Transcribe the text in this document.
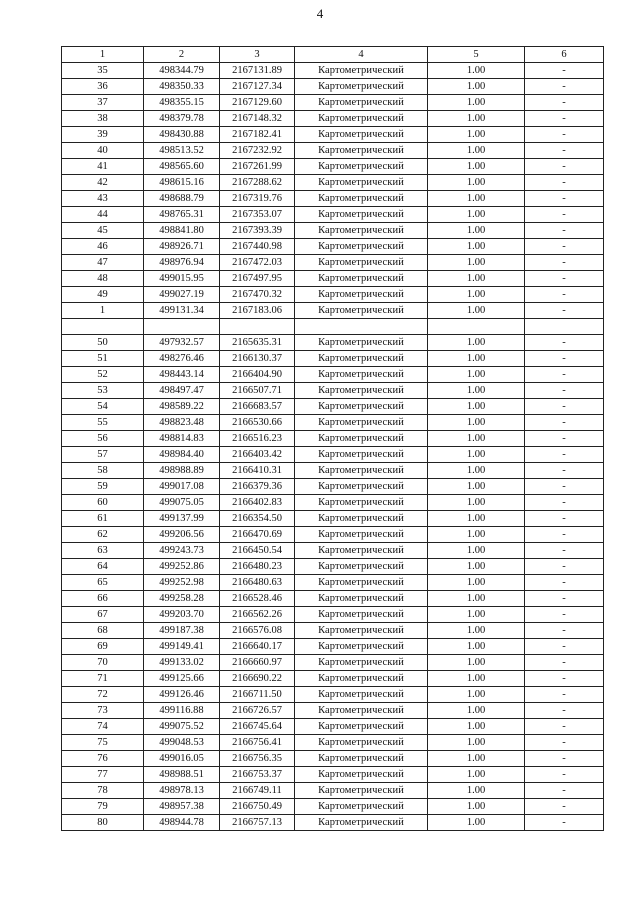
4
1	2	3	4	5	6
35	498344.79	2167131.89	Картометрический	1.00	-
36	498350.33	2167127.34	Картометрический	1.00	-
37	498355.15	2167129.60	Картометрический	1.00	-
38	498379.78	2167148.32	Картометрический	1.00	-
39	498430.88	2167182.41	Картометрический	1.00	-
40	498513.52	2167232.92	Картометрический	1.00	-
41	498565.60	2167261.99	Картометрический	1.00	-
42	498615.16	2167288.62	Картометрический	1.00	-
43	498688.79	2167319.76	Картометрический	1.00	-
44	498765.31	2167353.07	Картометрический	1.00	-
45	498841.80	2167393.39	Картометрический	1.00	-
46	498926.71	2167440.98	Картометрический	1.00	-
47	498976.94	2167472.03	Картометрический	1.00	-
48	499015.95	2167497.95	Картометрический	1.00	-
49	499027.19	2167470.32	Картометрический	1.00	-
1	499131.34	2167183.06	Картометрический	1.00	-

50	497932.57	2165635.31	Картометрический	1.00	-
51	498276.46	2166130.37	Картометрический	1.00	-
52	498443.14	2166404.90	Картометрический	1.00	-
53	498497.47	2166507.71	Картометрический	1.00	-
54	498589.22	2166683.57	Картометрический	1.00	-
55	498823.48	2166530.66	Картометрический	1.00	-
56	498814.83	2166516.23	Картометрический	1.00	-
57	498984.40	2166403.42	Картометрический	1.00	-
58	498988.89	2166410.31	Картометрический	1.00	-
59	499017.08	2166379.36	Картометрический	1.00	-
60	499075.05	2166402.83	Картометрический	1.00	-
61	499137.99	2166354.50	Картометрический	1.00	-
62	499206.56	2166470.69	Картометрический	1.00	-
63	499243.73	2166450.54	Картометрический	1.00	-
64	499252.86	2166480.23	Картометрический	1.00	-
65	499252.98	2166480.63	Картометрический	1.00	-
66	499258.28	2166528.46	Картометрический	1.00	-
67	499203.70	2166562.26	Картометрический	1.00	-
68	499187.38	2166576.08	Картометрический	1.00	-
69	499149.41	2166640.17	Картометрический	1.00	-
70	499133.02	2166660.97	Картометрический	1.00	-
71	499125.66	2166690.22	Картометрический	1.00	-
72	499126.46	2166711.50	Картометрический	1.00	-
73	499116.88	2166726.57	Картометрический	1.00	-
74	499075.52	2166745.64	Картометрический	1.00	-
75	499048.53	2166756.41	Картометрический	1.00	-
76	499016.05	2166756.35	Картометрический	1.00	-
77	498988.51	2166753.37	Картометрический	1.00	-
78	498978.13	2166749.11	Картометрический	1.00	-
79	498957.38	2166750.49	Картометрический	1.00	-
80	498944.78	2166757.13	Картометрический	1.00	-
